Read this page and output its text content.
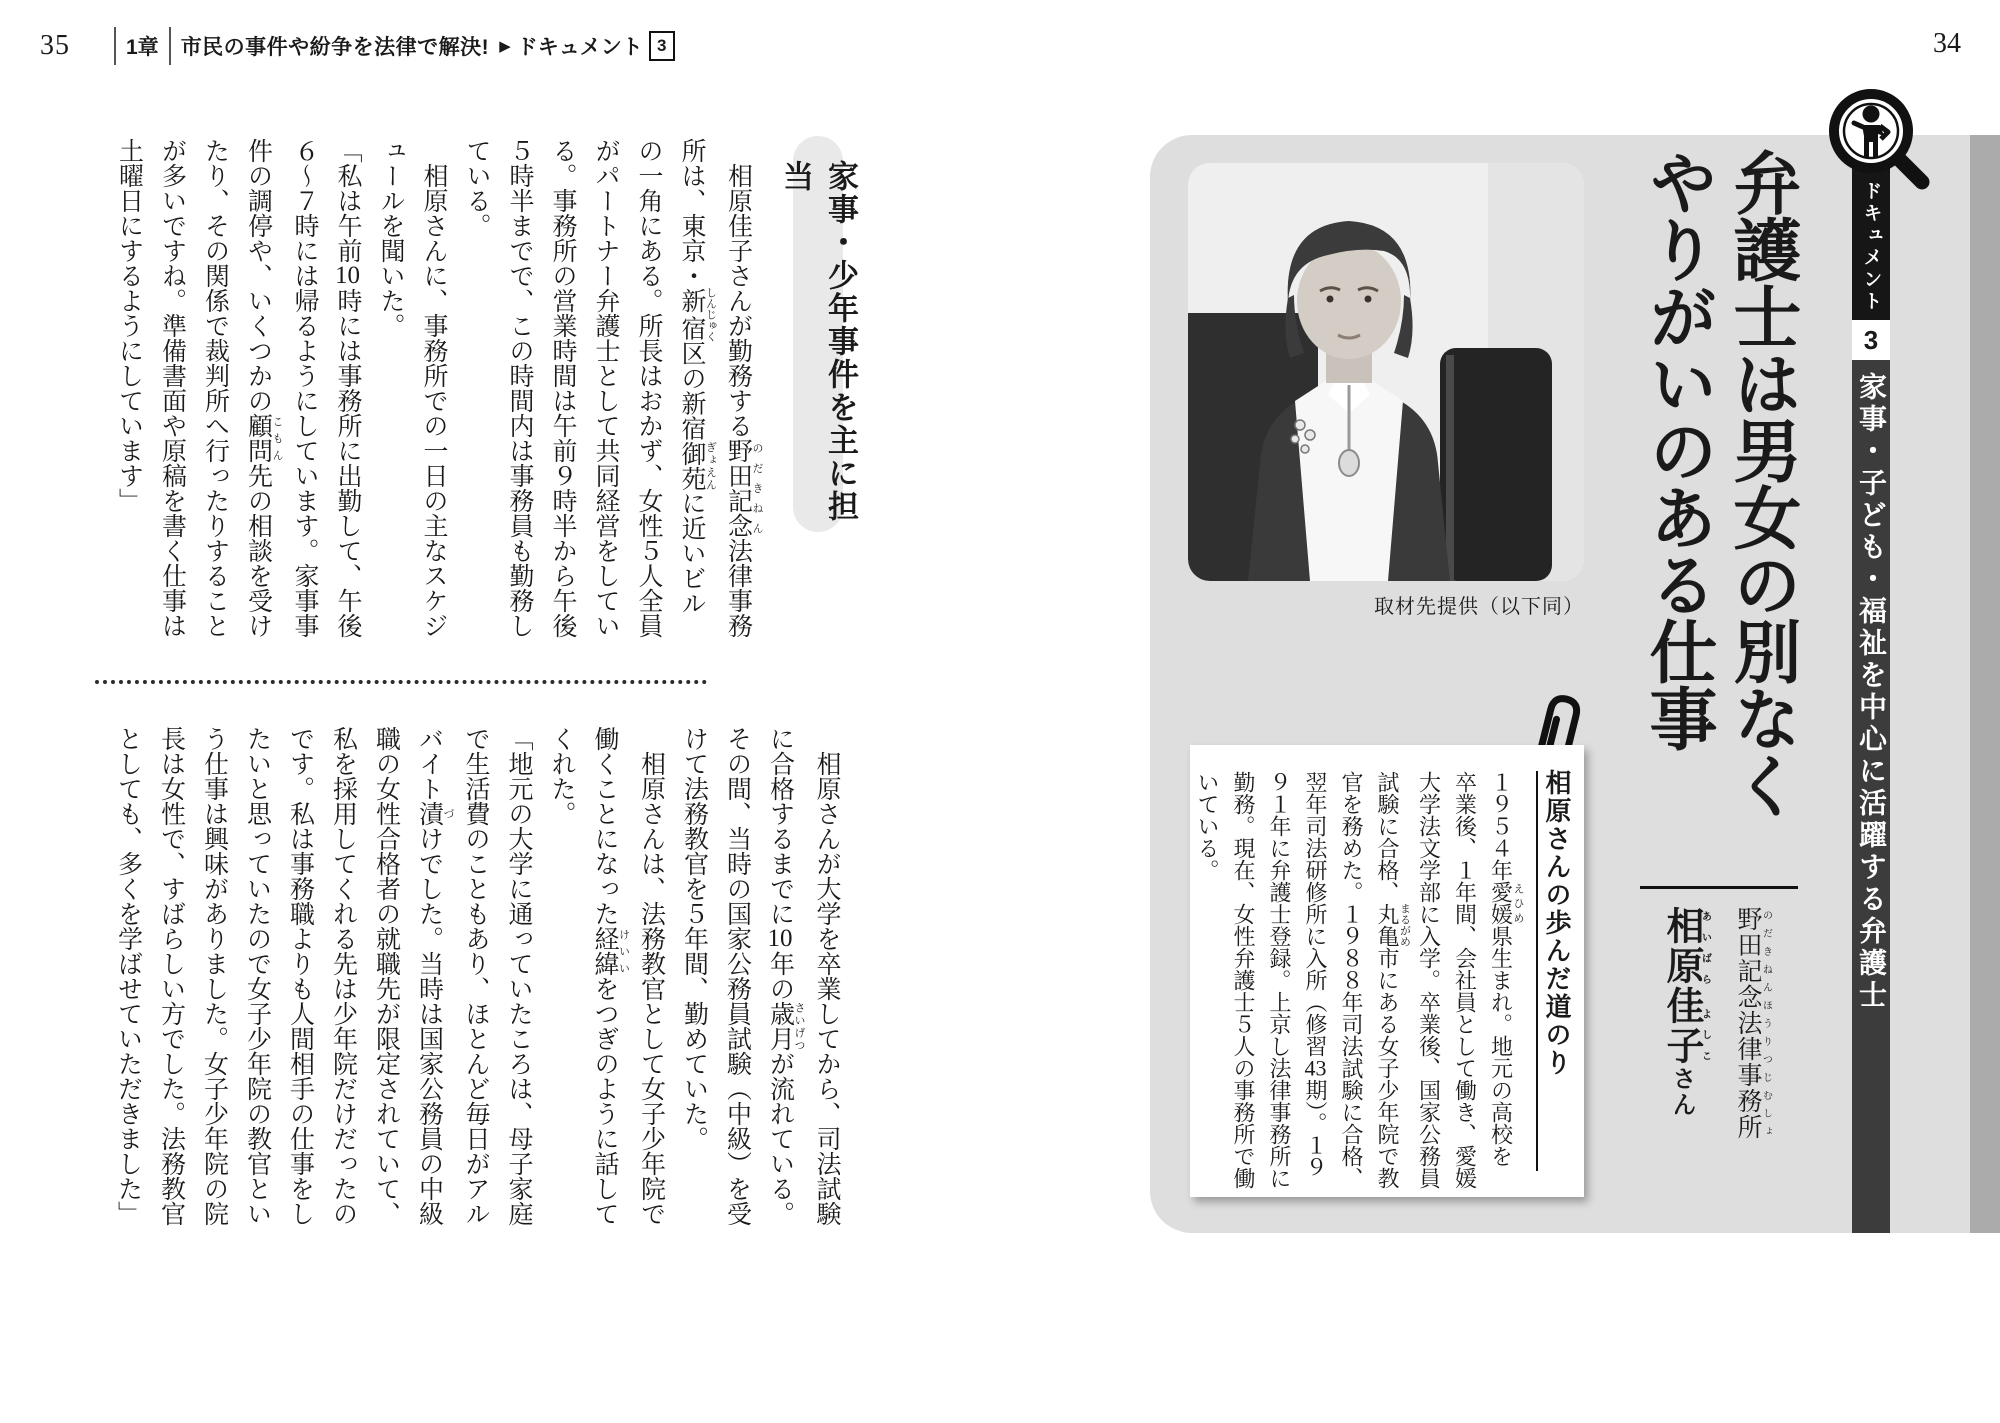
35	1章 市民の事件や紛争を法律で解決! ▶ ドキュメント 3
家事・少年事件を主に担当

　相原佳子さんが勤務する野田記念 のだきねん法律事務

所は、東京・新宿 しんじゅく区の新宿御苑 ぎょえんに近いビル

の一角にある。所長はおかず、女性５人全員

がパートナー弁護士として共同経営をしてい

る。事務所の営業時間は午前９時半から午後

５時半までで、この時間内は事務員も勤務し

ている。

　相原さんに、事務所での一日の主なスケジ

ュールを聞いた。

「私は午前10時には事務所に出勤して、午後

６〜７時には帰るようにしています。家事事

件の調停や、いくつかの顧問 こもん先の相談を受け

たり、その関係で裁判所へ行ったりすること

が多いですね。準備書面や原稿を書く仕事は

土曜日にするようにしています」

　相原さんが大学を卒業してから、司法試験

に合格するまでに10年の歳月 さいげつが流れている。

その間、当時の国家公務員試験（中級）を受

けて法務教官を５年間、勤めていた。

　相原さんは、法務教官として女子少年院で

働くことになった経緯 けいいをつぎのように話して

くれた。

「地元の大学に通っていたころは、母子家庭

で生活費のこともあり、ほとんど毎日がアル

バイト漬 づけでした。当時は国家公務員の中級

職の女性合格者の就職先が限定されていて、

私を採用してくれる先は少年院だけだったの

です。私は事務職よりも人間相手の仕事をし

たいと思っていたので女子少年院の教官とい

う仕事は興味がありました。女子少年院の院

長は女性で、すばらしい方でした。法務教官

としても、多くを学ばせていただきました」

34
ドキュメント
3
家事・子ども・福祉を中心に活躍する弁護士

弁護士は男女の別なく

やりがいのある仕事

野田記念法律事務所のだきねんほうりつじむしょ

相原佳子あいばら よしこさん

取材先提供（以下同）
相原さんの歩んだ道のり

１９５４年愛媛えひめ県生まれ。地元の高校を

卒業後、１年間、会社員として働き、愛媛

大学法文学部に入学。卒業後、国家公務員

試験に合格、丸亀まるがめ市にある女子少年院で教

官を務めた。１９８８年司法試験に合格、

翌年司法研修所に入所（修習43期）。１９

９１年に弁護士登録。上京し法律事務所に

勤務。現在、女性弁護士５人の事務所で働

いている。
